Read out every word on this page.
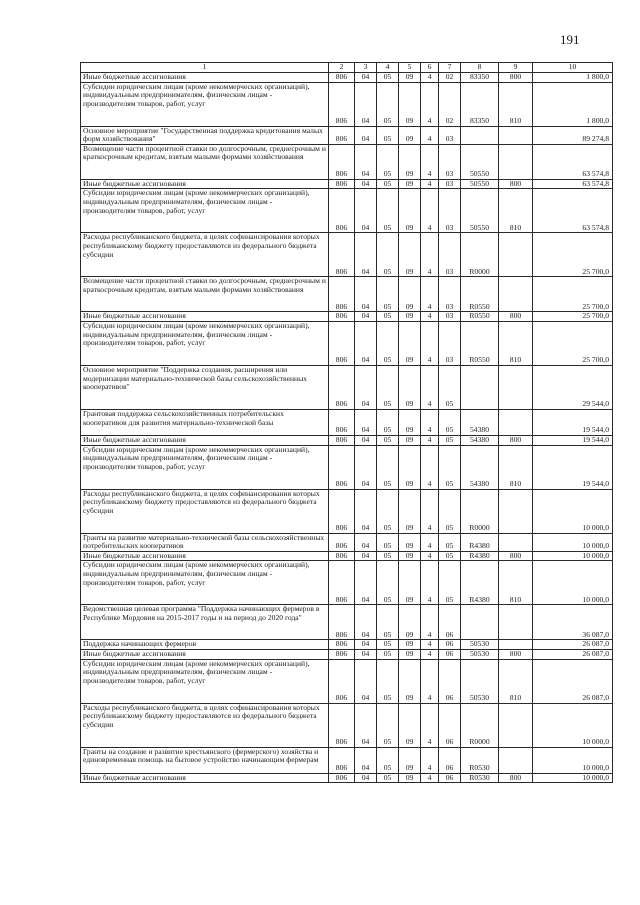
191
1	2	3	4	5	6	7	8	9	10
Иные бюджетные ассигнования	806	04	05	09	4	02	83350	800	1 800,0
Субсидии юридическим лицам (кроме некоммерческих организаций), индивидуальным предпринимателям, физическим лицам - производителям товаров, работ, услуг	806	04	05	09	4	02	83350	810	1 800,0
Основное мероприятие "Государственная поддержка кредитования малых форм хозяйствования"	806	04	05	09	4	03			89 274,8
Возмещение части процентной ставки по долгосрочным, среднесрочным и краткосрочным кредитам, взятым малыми формами хозяйствования	806	04	05	09	4	03	50550		63 574,8
Иные бюджетные ассигнования	806	04	05	09	4	03	50550	800	63 574,8
Субсидии юридическим лицам (кроме некоммерческих организаций), индивидуальным предпринимателям, физическим лицам - производителям товаров, работ, услуг	806	04	05	09	4	03	50550	810	63 574,8
Расходы республиканского бюджета, в целях софинансирования которых республиканскому бюджету предоставляются из федерального бюджета субсидии	806	04	05	09	4	03	R0000		25 700,0
Возмещение части процентной ставки по долгосрочным, среднесрочным и краткосрочным кредитам, взятым малыми формами хозяйствования	806	04	05	09	4	03	R0550		25 700,0
Иные бюджетные ассигнования	806	04	05	09	4	03	R0550	800	25 700,0
Субсидии юридическим лицам (кроме некоммерческих организаций), индивидуальным предпринимателям, физическим лицам - производителям товаров, работ, услуг	806	04	05	09	4	03	R0550	810	25 700,0
Основное мероприятие "Поддержка создания, расширения или модернизации материально-технической базы сельскохозяйственных кооперативов"	806	04	05	09	4	05			29 544,0
Грантовая поддержка сельскохозяйственных потребительских кооперативов для развития материально-технической базы	806	04	05	09	4	05	54380		19 544,0
Иные бюджетные ассигнования	806	04	05	09	4	05	54380	800	19 544,0
Субсидии юридическим лицам (кроме некоммерческих организаций), индивидуальным предпринимателям, физическим лицам - производителям товаров, работ, услуг	806	04	05	09	4	05	54380	810	19 544,0
Расходы республиканского бюджета, в целях софинансирования которых республиканскому бюджету предоставляются из федерального бюджета субсидии	806	04	05	09	4	05	R0000		10 000,0
Гранты на развитие материально-технической базы сельскохозяйственных потребительских кооперативов	806	04	05	09	4	05	R4380		10 000,0
Иные бюджетные ассигнования	806	04	05	09	4	05	R4380	800	10 000,0
Субсидии юридическим лицам (кроме некоммерческих организаций), индивидуальным предпринимателям, физическим лицам - производителям товаров, работ, услуг	806	04	05	09	4	05	R4380	810	10 000,0
Ведомственная целевая программа "Поддержка начинающих фермеров в Республике Мордовия на 2015-2017 годы и на период до 2020 года"	806	04	05	09	4	06			36 087,0
Поддержка начинающих фермеров	806	04	05	09	4	06	50530		26 087,0
Иные бюджетные ассигнования	806	04	05	09	4	06	50530	800	26 087,0
Субсидии юридическим лицам (кроме некоммерческих организаций), индивидуальным предпринимателям, физическим лицам - производителям товаров, работ, услуг	806	04	05	09	4	06	50530	810	26 087,0
Расходы республиканского бюджета, в целях софинансирования которых республиканскому бюджету предоставляются из федерального бюджета субсидии	806	04	05	09	4	06	R0000		10 000,0
Гранты на создание и развитие крестьянского (фермерского) хозяйства и единовременная помощь на бытовое устройство начинающим фермерам	806	04	05	09	4	06	R0530		10 000,0
Иные бюджетные ассигнования	806	04	05	09	4	06	R0530	800	10 000,0
